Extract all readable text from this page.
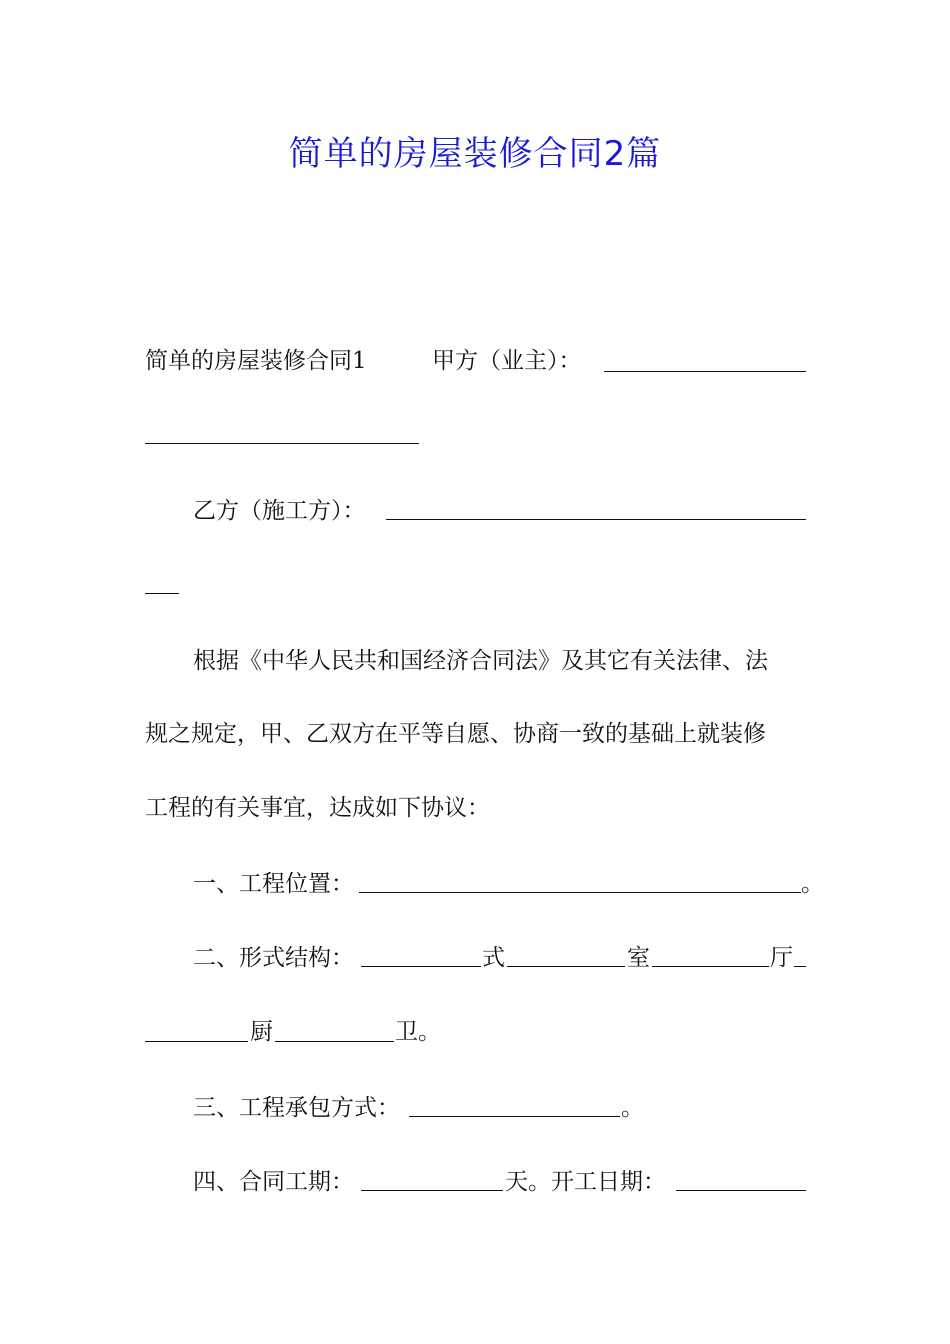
简单的房屋装修合同2篇
简单的房屋装修合同1	甲方（业主）：
乙方（施工方）：
根据《中华人民共和国经济合同法》及其它有关法律、法
规之规定，甲、乙双方在平等自愿、协商一致的基础上就装修
工程的有关事宜，达成如下协议：
一、工程位置：	。
二、形式结构：	式	室	厅
厨	卫。
三、工程承包方式：	。
四、合同工期：	天。开工日期：
